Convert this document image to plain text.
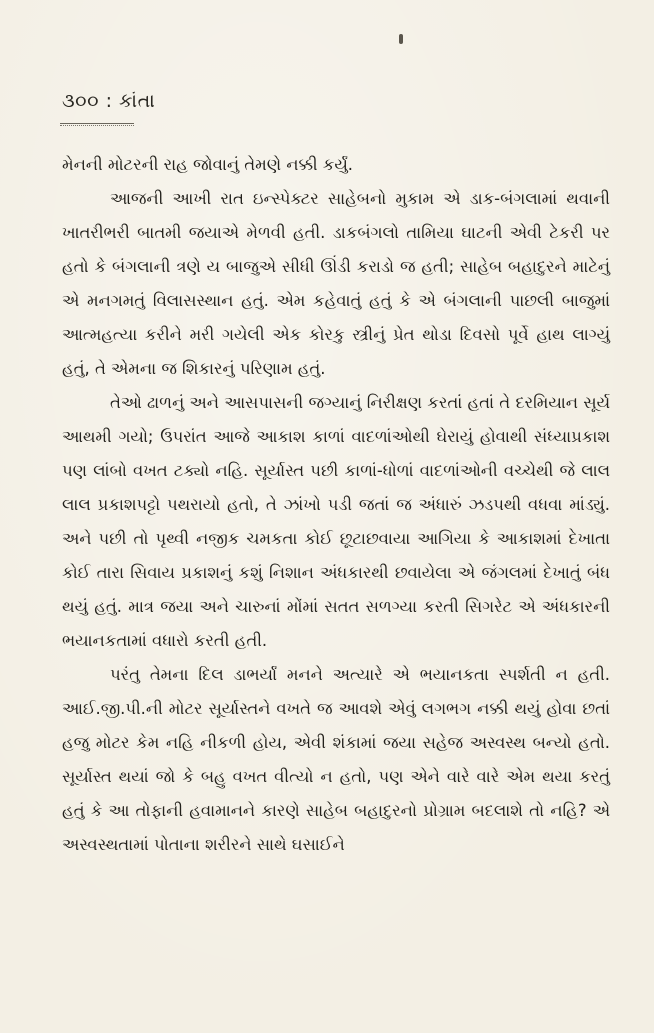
૩૦૦ : કાંતા

મેનની મોટરની રાહ જોવાનું તેમણે નક્કી કર્યું.

આજની આખી રાત ઇન્સ્પેક્ટર સાહેબનો મુકામ એ ડાક-બંગલામાં થવાની ખાતરીભરી બાતમી જયાએ મેળવી હતી. ડાકબંગલો તામિયા ઘાટની એવી ટેકરી પર હતો કે બંગલાની ત્રણે ય બાજુએ સીધી ઊંડી કરાડો જ હતી; સાહેબ બહાદુરને માટેનું એ મનગમતું વિલાસસ્થાન હતું. એમ કહેવાતું હતું કે એ બંગલાની પાછલી બાજુમાં આત્મહત્યા કરીને મરી ગયેલી એક કોરકુ સ્ત્રીનું પ્રેત થોડા દિવસો પૂર્વે હાથ લાગ્યું હતું, તે એમના જ શિકારનું પરિણામ હતું.

તેઓ ઢાળનું અને આસપાસની જગ્યાનું નિરીક્ષણ કરતાં હતાં તે દરમિયાન સૂર્ય આથમી ગયો; ઉપરાંત આજે આકાશ કાળાં વાદળાંઓથી ઘેરાયું હોવાથી સંધ્યાપ્રકાશ પણ લાંબો વખત ટક્યો નહિ. સૂર્યાસ્ત પછી કાળાં-ધોળાં વાદળાંઓની વચ્ચેથી જે લાલ લાલ પ્રકાશપટ્ટો પથરાયો હતો, તે ઝાંખો પડી જતાં જ અંધારું ઝડપથી વધવા માંડ્યું. અને પછી તો પૃથ્વી નજીક ચમકતા કોઈ છૂટાછવાયા આગિયા કે આકાશમાં દેખાતા કોઈ તારા સિવાય પ્રકાશનું કશું નિશાન અંધકારથી છવાયેલા એ જંગલમાં દેખાતું બંધ થયું હતું. માત્ર જયા અને ચારુનાં મોંમાં સતત સળગ્યા કરતી સિગરેટ એ અંધકારની ભયાનકતામાં વધારો કરતી હતી.

પરંતુ તેમના દિલ ડાભર્યાં મનને અત્યારે એ ભયાનકતા સ્પર્શતી ન હતી. આઈ.જી.પી.ની મોટર સૂર્યાસ્તને વખતે જ આવશે એવું લગભગ નક્કી થયું હોવા છતાં હજુ મોટર કેમ નહિ નીકળી હોય, એવી શંકામાં જયા સહેજ અસ્વસ્થ બન્યો હતો. સૂર્યાસ્ત થયાં જો કે બહુ વખત વીત્યો ન હતો, પણ એને વારે વારે એમ થયા કરતું હતું કે આ તોફાની હવામાનને કારણે સાહેબ બહાદુરનો પ્રોગ્રામ બદલાશે તો નહિ? એ અસ્વસ્થતામાં પોતાના શરીરને સાથે ઘસાઈને
